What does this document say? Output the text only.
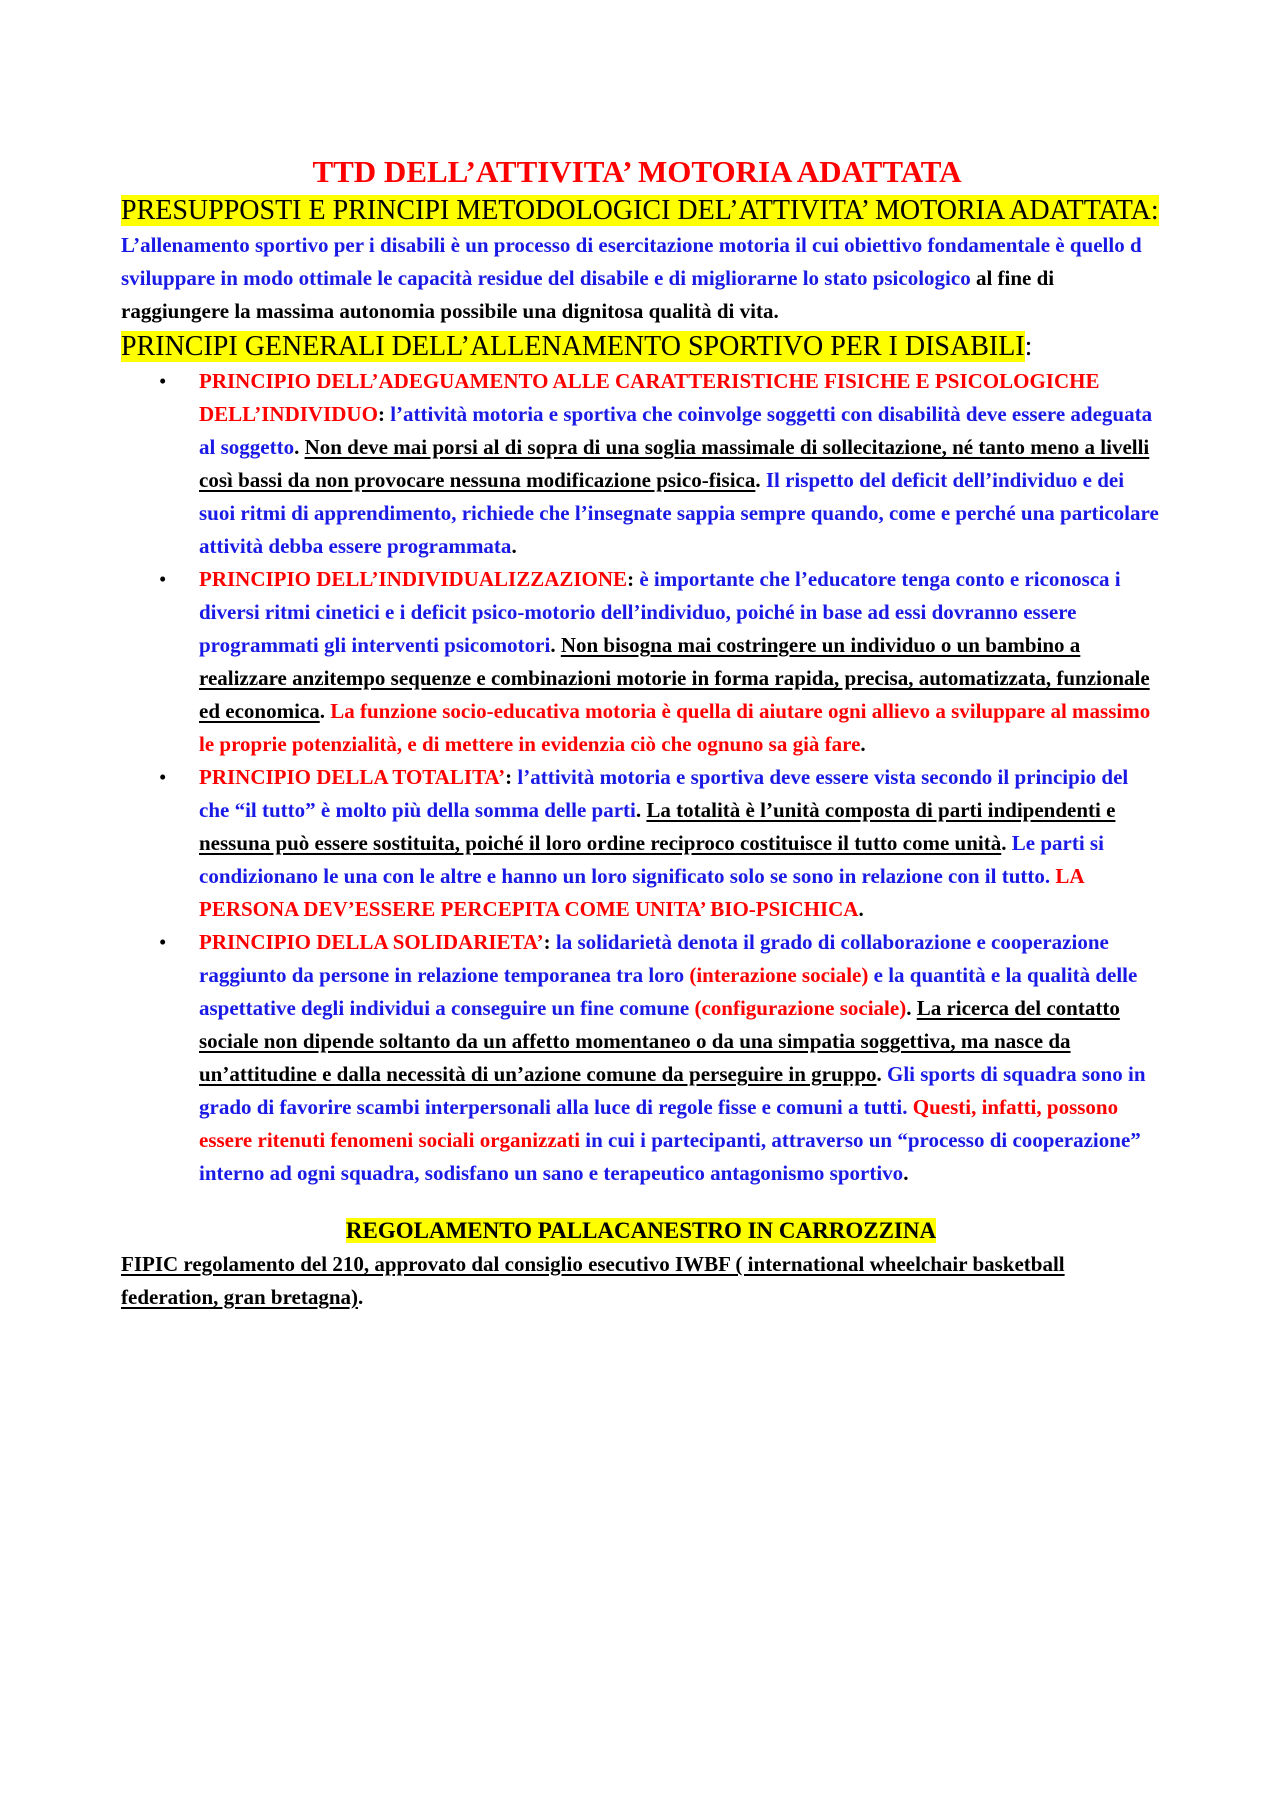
TTD DELL’ATTIVITA’ MOTORIA ADATTATA
PRESUPPOSTI E PRINCIPI METODOLOGICI DEL’ATTIVITA’ MOTORIA ADATTATA:
L’allenamento sportivo per i disabili è un processo di esercitazione motoria il cui obiettivo fondamentale è quello d sviluppare in modo ottimale le capacità residue del disabile e di migliorarne lo stato psicologico al fine di raggiungere la massima autonomia possibile una dignitosa qualità di vita.
PRINCIPI GENERALI DELL’ALLENAMENTO SPORTIVO PER I DISABILI:
• PRINCIPIO DELL’ADEGUAMENTO ALLE CARATTERISTICHE FISICHE E PSICOLOGICHE DELL’INDIVIDUO: l’attività motoria e sportiva che coinvolge soggetti con disabilità deve essere adeguata al soggetto. Non deve mai porsi al di sopra di una soglia massimale di sollecitazione, né tanto meno a livelli così bassi da non provocare nessuna modificazione psico-fisica. Il rispetto del deficit dell’individuo e dei suoi ritmi di apprendimento, richiede che l’insegnate sappia sempre quando, come e perché una particolare attività debba essere programmata.
• PRINCIPIO DELL’INDIVIDUALIZZAZIONE: è importante che l’educatore tenga conto e riconosca i diversi ritmi cinetici e i deficit psico-motorio dell’individuo, poiché in base ad essi dovranno essere programmati gli interventi psicomotori. Non bisogna mai costringere un individuo o un bambino a realizzare anzitempo sequenze e combinazioni motorie in forma rapida, precisa, automatizzata, funzionale ed economica. La funzione socio-educativa motoria è quella di aiutare ogni allievo a sviluppare al massimo le proprie potenzialità, e di mettere in evidenzia ciò che ognuno sa già fare.
• PRINCIPIO DELLA TOTALITA’: l’attività motoria e sportiva deve essere vista secondo il principio del che “il tutto” è molto più della somma delle parti. La totalità è l’unità composta di parti indipendenti e nessuna può essere sostituita, poiché il loro ordine reciproco costituisce il tutto come unità. Le parti si condizionano le una con le altre e hanno un loro significato solo se sono in relazione con il tutto. LA PERSONA DEV’ESSERE PERCEPITA COME UNITA’ BIO-PSICHICA.
• PRINCIPIO DELLA SOLIDARIETA’: la solidarietà denota il grado di collaborazione e cooperazione raggiunto da persone in relazione temporanea tra loro (interazione sociale) e la quantità e la qualità delle aspettative degli individui a conseguire un fine comune (configurazione sociale). La ricerca del contatto sociale non dipende soltanto da un affetto momentaneo o da una simpatia soggettiva, ma nasce da un’attitudine e dalla necessità di un’azione comune da perseguire in gruppo. Gli sports di squadra sono in grado di favorire scambi interpersonali alla luce di regole fisse e comuni a tutti. Questi, infatti, possono essere ritenuti fenomeni sociali organizzati in cui i partecipanti, attraverso un “processo di cooperazione” interno ad ogni squadra, sodisfano un sano e terapeutico antagonismo sportivo.
REGOLAMENTO PALLACANESTRO IN CARROZZINA
FIPIC regolamento del 210, approvato dal consiglio esecutivo IWBF ( international wheelchair basketball federation, gran bretagna).
